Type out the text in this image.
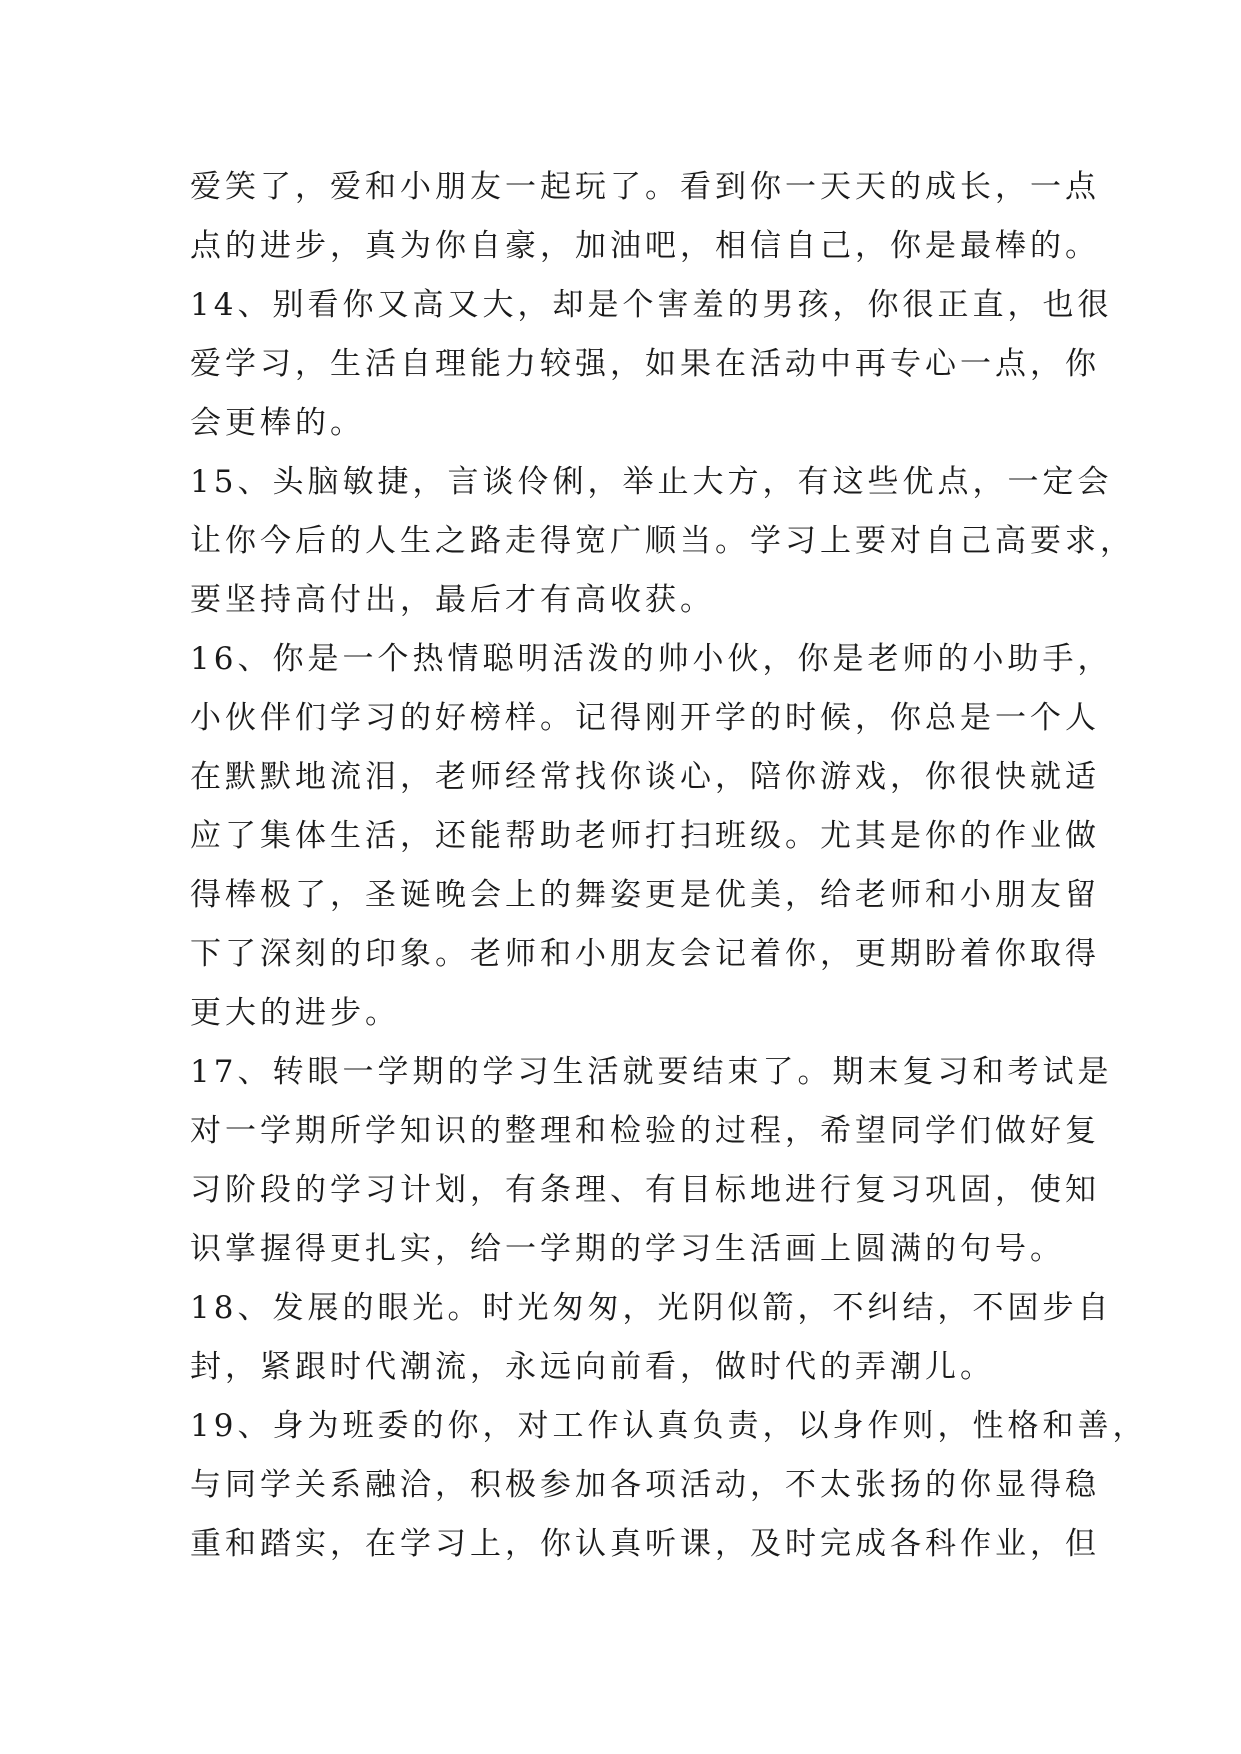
爱笑了，爱和小朋友一起玩了。看到你一天天的成长，一点
点的进步，真为你自豪，加油吧，相信自己，你是最棒的。
14、别看你又高又大，却是个害羞的男孩，你很正直，也很
爱学习，生活自理能力较强，如果在活动中再专心一点，你
会更棒的。
15、头脑敏捷，言谈伶俐，举止大方，有这些优点，一定会
让你今后的人生之路走得宽广顺当。学习上要对自己高要求，
要坚持高付出，最后才有高收获。
16、你是一个热情聪明活泼的帅小伙，你是老师的小助手，
小伙伴们学习的好榜样。记得刚开学的时候，你总是一个人
在默默地流泪，老师经常找你谈心，陪你游戏，你很快就适
应了集体生活，还能帮助老师打扫班级。尤其是你的作业做
得棒极了，圣诞晚会上的舞姿更是优美，给老师和小朋友留
下了深刻的印象。老师和小朋友会记着你，更期盼着你取得
更大的进步。
17、转眼一学期的学习生活就要结束了。期末复习和考试是
对一学期所学知识的整理和检验的过程，希望同学们做好复
习阶段的学习计划，有条理、有目标地进行复习巩固，使知
识掌握得更扎实，给一学期的学习生活画上圆满的句号。
18、发展的眼光。时光匆匆，光阴似箭，不纠结，不固步自
封，紧跟时代潮流，永远向前看，做时代的弄潮儿。
19、身为班委的你，对工作认真负责，以身作则，性格和善，
与同学关系融洽，积极参加各项活动，不太张扬的你显得稳
重和踏实，在学习上，你认真听课，及时完成各科作业，但
